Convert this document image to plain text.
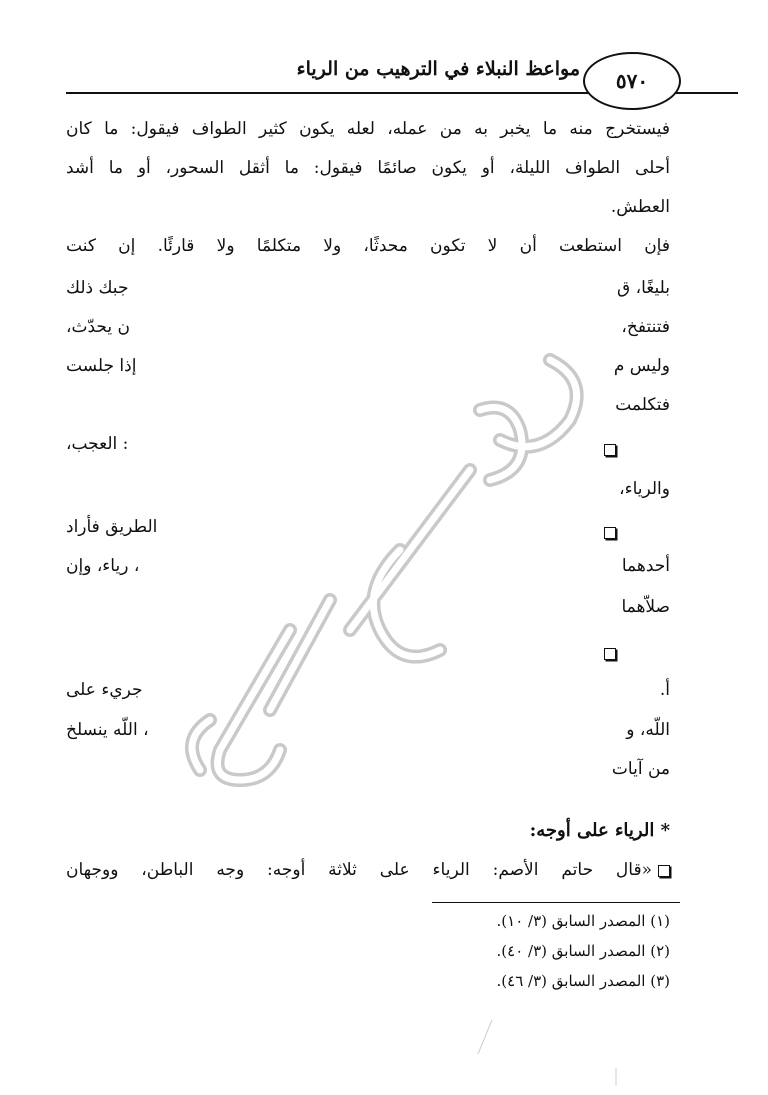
٥٧٠
مواعظ النبلاء في الترهيب من الرياء
فيستخرج منه ما يخبر به من عمله، لعله يكون كثير الطواف فيقول: ما كان
أحلى الطواف الليلة، أو يكون صائمًا فيقول: ما أثقل السحور، أو ما أشد
العطش.
فإن استطعت أن لا تكون محدثًا، ولا متكلمًا ولا قارئًا. إن كنت
بليغًا، ق
فتنتفخ،
وليس م
فتكلمت
والرياء،
أحدهما
صلاّهما
أ.
اللّه، و
من آيات
جبك ذلك
ن يحدّث،
إذا جلست
: العجب،
الطريق فأراد
، رياء، وإن
جريء على
، اللّه ينسلخ
* الرياء على أوجه:
«قال حاتم الأصم: الرياء على ثلاثة أوجه: وجه الباطن، ووجهان
(١) المصدر السابق (٣/ ١٠).
(٢) المصدر السابق (٣/ ٤٠).
(٣) المصدر السابق (٣/ ٤٦).
